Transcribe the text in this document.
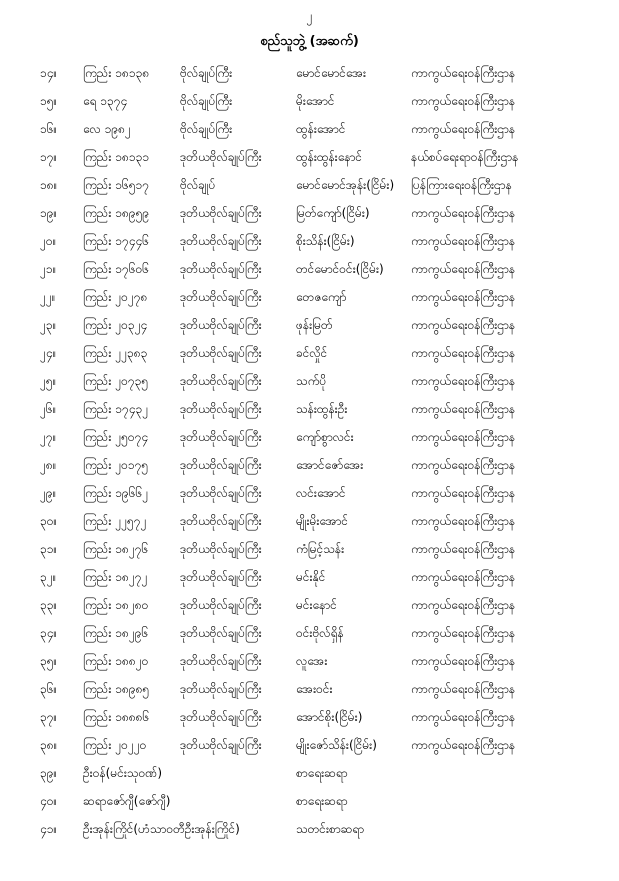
၂
စည်သူဘွဲ့ (အဆက်)
၁၄။	ကြည်း ၁၈၁၃၈	ဗိုလ်ချုပ်ကြီး	မောင်မောင်အေး	ကာကွယ်ရေးဝန်ကြီးဌာန
၁၅။	ရေ ၁၃၇၄	ဗိုလ်ချုပ်ကြီး	မိုးအောင်	ကာကွယ်ရေးဝန်ကြီးဌာန
၁၆။	လေ ၁၉၈၂	ဗိုလ်ချုပ်ကြီး	ထွန်းအောင်	ကာကွယ်ရေးဝန်ကြီးဌာန
၁၇။	ကြည်း ၁၈၁၃၁	ဒုတိယဗိုလ်ချုပ်ကြီး	ထွန်းထွန်းနောင်	နယ်စပ်ရေးရာဝန်ကြီးဌာန
၁၈။	ကြည်း ၁၆၅၁၇	ဗိုလ်ချုပ်	မောင်မောင်အုန်း(ငြိမ်း)	ပြန်ကြားရေးဝန်ကြီးဌာန
၁၉။	ကြည်း ၁၈၉၅၉	ဒုတိယဗိုလ်ချုပ်ကြီး	မြတ်ကျော်(ငြိမ်း)	ကာကွယ်ရေးဝန်ကြီးဌာန
၂၀။	ကြည်း ၁၇၄၄၆	ဒုတိယဗိုလ်ချုပ်ကြီး	စိုးသိန်း(ငြိမ်း)	ကာကွယ်ရေးဝန်ကြီးဌာန
၂၁။	ကြည်း ၁၇၆၀၆	ဒုတိယဗိုလ်ချုပ်ကြီး	တင်မောင်ဝင်း(ငြိမ်း)	ကာကွယ်ရေးဝန်ကြီးဌာန
၂၂။	ကြည်း ၂၀၂၇၈	ဒုတိယဗိုလ်ချုပ်ကြီး	တေဇကျော်	ကာကွယ်ရေးဝန်ကြီးဌာန
၂၃။	ကြည်း ၂၀၃၂၄	ဒုတိယဗိုလ်ချုပ်ကြီး	ဖုန်းမြတ်	ကာကွယ်ရေးဝန်ကြီးဌာန
၂၄။	ကြည်း ၂၂၃၈၃	ဒုတိယဗိုလ်ချုပ်ကြီး	ခင်လှိုင်	ကာကွယ်ရေးဝန်ကြီးဌာန
၂၅။	ကြည်း ၂၀၇၃၅	ဒုတိယဗိုလ်ချုပ်ကြီး	သက်ပို	ကာကွယ်ရေးဝန်ကြီးဌာန
၂၆။	ကြည်း ၁၇၄၃၂	ဒုတိယဗိုလ်ချုပ်ကြီး	သန်းထွန်းဦး	ကာကွယ်ရေးဝန်ကြီးဌာန
၂၇။	ကြည်း ၂၅၀၇၄	ဒုတိယဗိုလ်ချုပ်ကြီး	ကျော်စွာလင်း	ကာကွယ်ရေးဝန်ကြီးဌာန
၂၈။	ကြည်း ၂၀၁၇၅	ဒုတိယဗိုလ်ချုပ်ကြီး	အောင်ဇော်အေး	ကာကွယ်ရေးဝန်ကြီးဌာန
၂၉။	ကြည်း ၁၉၆၆၂	ဒုတိယဗိုလ်ချုပ်ကြီး	လင်းအောင်	ကာကွယ်ရေးဝန်ကြီးဌာန
၃၀။	ကြည်း ၂၂၅၇၂	ဒုတိယဗိုလ်ချုပ်ကြီး	မျိုးမိုးအောင်	ကာကွယ်ရေးဝန်ကြီးဌာန
၃၁။	ကြည်း ၁၈၂၇၆	ဒုတိယဗိုလ်ချုပ်ကြီး	ကံမြင့်သန်း	ကာကွယ်ရေးဝန်ကြီးဌာန
၃၂။	ကြည်း ၁၈၂၇၂	ဒုတိယဗိုလ်ချုပ်ကြီး	မင်းနိုင်	ကာကွယ်ရေးဝန်ကြီးဌာန
၃၃။	ကြည်း ၁၈၂၈၀	ဒုတိယဗိုလ်ချုပ်ကြီး	မင်းနောင်	ကာကွယ်ရေးဝန်ကြီးဌာန
၃၄။	ကြည်း ၁၈၂၉၆	ဒုတိယဗိုလ်ချုပ်ကြီး	ဝင်းဗိုလ်ရှိန်	ကာကွယ်ရေးဝန်ကြီးဌာန
၃၅။	ကြည်း ၁၈၈၂၀	ဒုတိယဗိုလ်ချုပ်ကြီး	လူအေး	ကာကွယ်ရေးဝန်ကြီးဌာန
၃၆။	ကြည်း ၁၈၉၈၅	ဒုတိယဗိုလ်ချုပ်ကြီး	အေးဝင်း	ကာကွယ်ရေးဝန်ကြီးဌာန
၃၇။	ကြည်း ၁၈၈၈၆	ဒုတိယဗိုလ်ချုပ်ကြီး	အောင်စိုး(ငြိမ်း)	ကာကွယ်ရေးဝန်ကြီးဌာန
၃၈။	ကြည်း ၂၀၂၂၀	ဒုတိယဗိုလ်ချုပ်ကြီး	မျိုးဇော်သိန်း(ငြိမ်း)	ကာကွယ်ရေးဝန်ကြီးဌာန
၃၉။	ဦးဝန်(မင်းသုဝဏ်)	စာရေးဆရာ
၄၀။	ဆရာဇော်ဂျီ(ဇော်ဂျီ)	စာရေးဆရာ
၄၁။	ဦးအုန်းကြိုင်(ဟံသာဝတီဦးအုန်းကြိုင်)	သတင်းစာဆရာ
